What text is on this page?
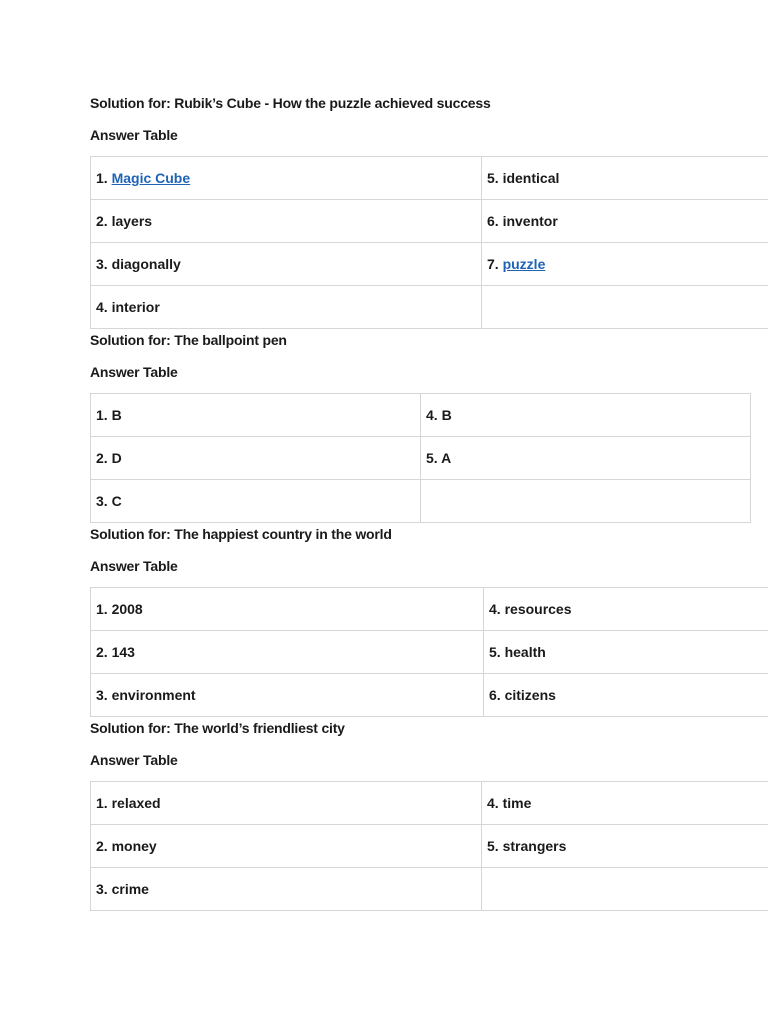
Solution for: Rubik’s Cube - How the puzzle achieved success

Answer Table

1. Magic Cube	5. identical
2. layers	6. inventor
3. diagonally	7. puzzle
4. interior	

Solution for: The ballpoint pen

Answer Table

1. B	4. B
2. D	5. A
3. C	

Solution for: The happiest country in the world

Answer Table

1. 2008	4. resources
2. 143	5. health
3. environment	6. citizens

Solution for: The world’s friendliest city

Answer Table

1. relaxed	4. time
2. money	5. strangers
3. crime	
